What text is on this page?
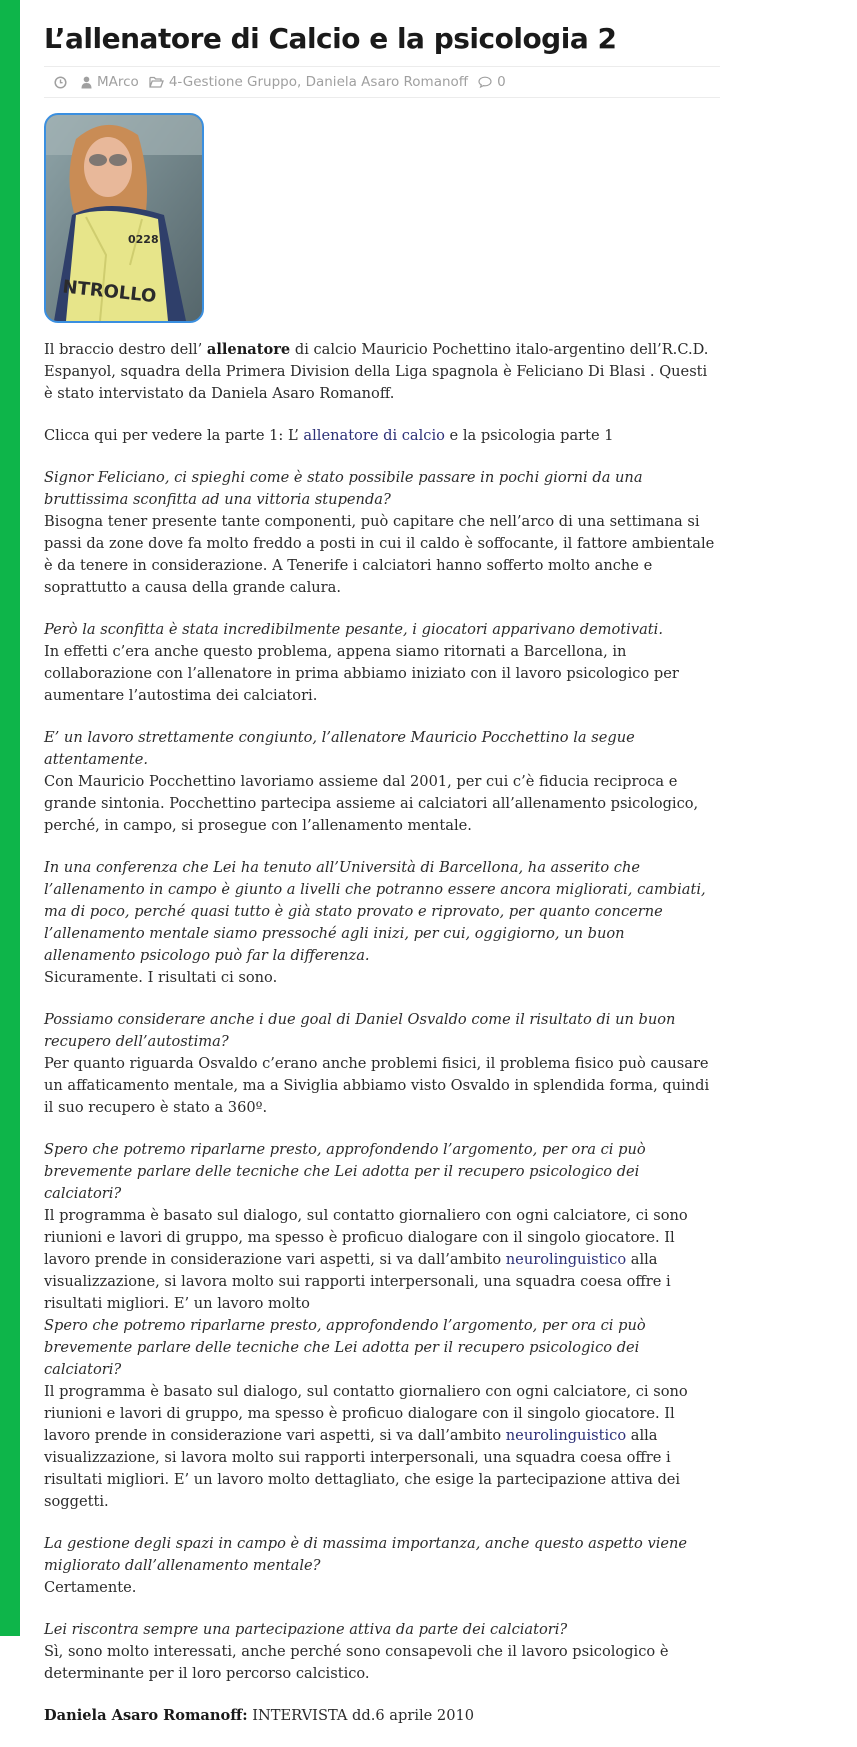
L’allenatore di Calcio e la psicologia 2
MArco 4-Gestione Gruppo, Daniela Asaro Romanoff 0
0228
NTROLLO

Il braccio destro dell’ allenatore di calcio Mauricio Pochettino italo-argentino dell’R.C.D. Espanyol, squadra della Primera Division della Liga spagnola è Feliciano Di Blasi . Questi è stato intervistato da Daniela Asaro Romanoff.

Clicca qui per vedere la parte 1: L’ allenatore di calcio e la psicologia parte 1

Signor Feliciano, ci spieghi come è stato possibile passare in pochi giorni da una bruttissima sconfitta ad una vittoria stupenda?
Bisogna tener presente tante componenti, può capitare che nell’arco di una settimana si passi da zone dove fa molto freddo a posti in cui il caldo è soffocante, il fattore ambientale è da tenere in considerazione. A Tenerife i calciatori hanno sofferto molto anche e soprattutto a causa della grande calura.

Però la sconfitta è stata incredibilmente pesante, i giocatori apparivano demotivati.
In effetti c’era anche questo problema, appena siamo ritornati a Barcellona, in collaborazione con l’allenatore in prima abbiamo iniziato con il lavoro psicologico per aumentare l’autostima dei calciatori.

E’ un lavoro strettamente congiunto, l’allenatore Mauricio Pocchettino la segue attentamente.
Con Mauricio Pocchettino lavoriamo assieme dal 2001, per cui c’è fiducia reciproca e grande sintonia. Pocchettino partecipa assieme ai calciatori all’allenamento psicologico, perché, in campo, si prosegue con l’allenamento mentale.

In una conferenza che Lei ha tenuto all’Università di Barcellona, ha asserito che l’allenamento in campo è giunto a livelli che potranno essere ancora migliorati, cambiati, ma di poco, perché quasi tutto è già stato provato e riprovato, per quanto concerne l’allenamento mentale siamo pressoché agli inizi, per cui, oggigiorno, un buon allenamento psicologo può far la differenza.
Sicuramente. I risultati ci sono.

Possiamo considerare anche i due goal di Daniel Osvaldo come il risultato di un buon recupero dell’autostima?
Per quanto riguarda Osvaldo c’erano anche problemi fisici, il problema fisico può causare un affaticamento mentale, ma a Siviglia abbiamo visto Osvaldo in splendida forma, quindi il suo recupero è stato a 360º.

Spero che potremo riparlarne presto, approfondendo l’argomento, per ora ci può brevemente parlare delle tecniche che Lei adotta per il recupero psicologico dei calciatori?
Il programma è basato sul dialogo, sul contatto giornaliero con ogni calciatore, ci sono riunioni e lavori di gruppo, ma spesso è proficuo dialogare con il singolo giocatore. Il lavoro prende in considerazione vari aspetti, si va dall’ambito neurolinguistico alla visualizzazione, si lavora molto sui rapporti interpersonali, una squadra coesa offre i risultati migliori. E’ un lavoro molto

Spero che potremo riparlarne presto, approfondendo l’argomento, per ora ci può brevemente parlare delle tecniche che Lei adotta per il recupero psicologico dei calciatori?
Il programma è basato sul dialogo, sul contatto giornaliero con ogni calciatore, ci sono riunioni e lavori di gruppo, ma spesso è proficuo dialogare con il singolo giocatore. Il lavoro prende in considerazione vari aspetti, si va dall’ambito neurolinguistico alla visualizzazione, si lavora molto sui rapporti interpersonali, una squadra coesa offre i risultati migliori. E’ un lavoro molto dettagliato, che esige la partecipazione attiva dei soggetti.

La gestione degli spazi in campo è di massima importanza, anche questo aspetto viene migliorato dall’allenamento mentale?
Certamente.

Lei riscontra sempre una partecipazione attiva da parte dei calciatori?
Sì, sono molto interessati, anche perché sono consapevoli che il lavoro psicologico è determinante per il loro percorso calcistico.

Daniela Asaro Romanoff: INTERVISTA dd.6 aprile 2010
